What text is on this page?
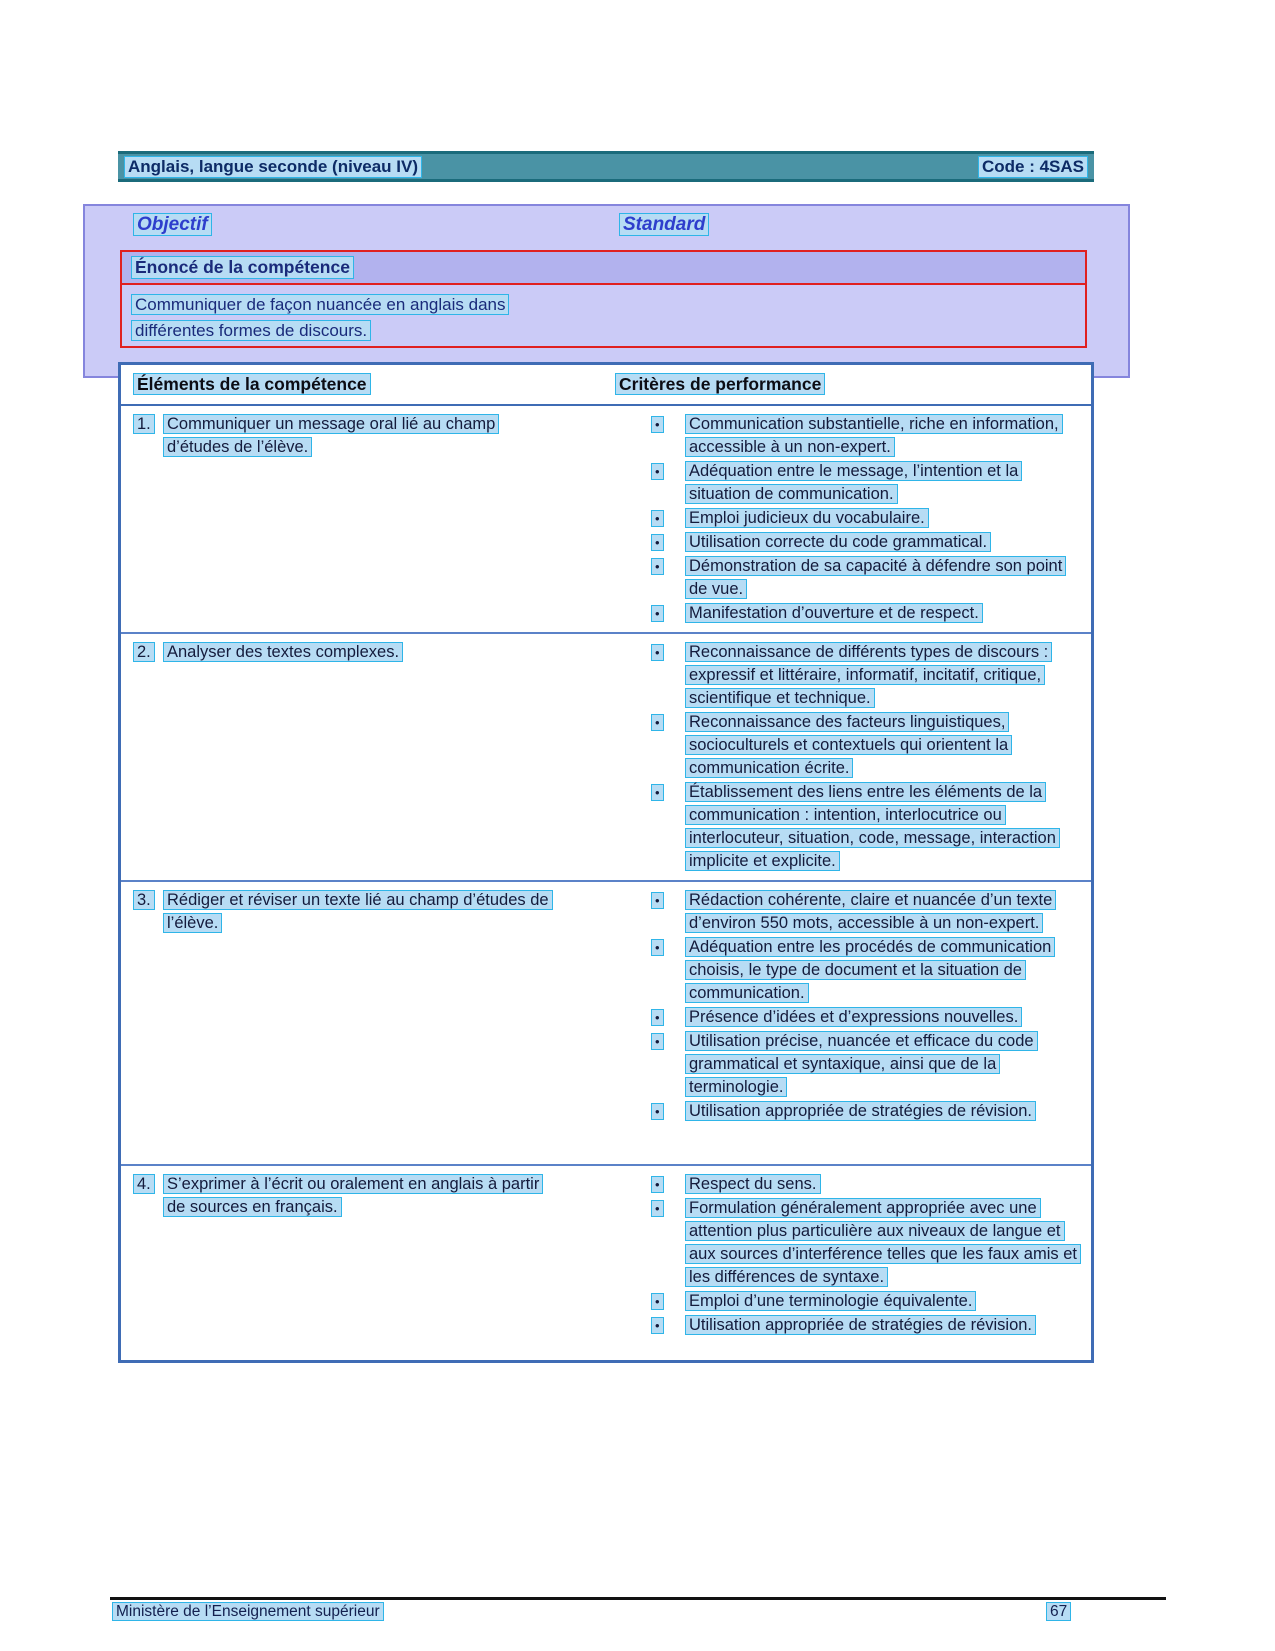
Anglais, langue seconde (niveau IV)	Code : 4SAS
Objectif	Standard
Énoncé de la compétence
Communiquer de façon nuancée en anglais dans
différentes formes de discours.
Éléments de la compétence	Critères de performance
1. Communiquer un message oral lié au champ d’études de l’élève.
•	Communication substantielle, riche en information, accessible à un non-expert.
•	Adéquation entre le message, l’intention et la situation de communication.
•	Emploi judicieux du vocabulaire.
•	Utilisation correcte du code grammatical.
•	Démonstration de sa capacité à défendre son point de vue.
•	Manifestation d’ouverture et de respect.
2. Analyser des textes complexes.	•	Reconnaissance de différents types de discours : expressif et littéraire, informatif, incitatif, critique, scientifique et technique.
•	Reconnaissance des facteurs linguistiques, socioculturels et contextuels qui orientent la communication écrite.
•	Établissement des liens entre les éléments de la communication : intention, interlocutrice ou interlocuteur, situation, code, message, interaction implicite et explicite.
3. Rédiger et réviser un texte lié au champ d’études de l’élève.
•	Rédaction cohérente, claire et nuancée d’un texte d’environ 550 mots, accessible à un non-expert.
•	Adéquation entre les procédés de communication choisis, le type de document et la situation de communication.
•	Présence d’idées et d’expressions nouvelles.
•	Utilisation précise, nuancée et efficace du code grammatical et syntaxique, ainsi que de la terminologie.
•	Utilisation appropriée de stratégies de révision.
4. S’exprimer à l’écrit ou oralement en anglais à partir de sources en français.
•	Respect du sens.
•	Formulation généralement appropriée avec une attention plus particulière aux niveaux de langue et aux sources d’interférence telles que les faux amis et les différences de syntaxe.
•	Emploi d’une terminologie équivalente.
•	Utilisation appropriée de stratégies de révision.
Ministère de l’Enseignement supérieur	67
